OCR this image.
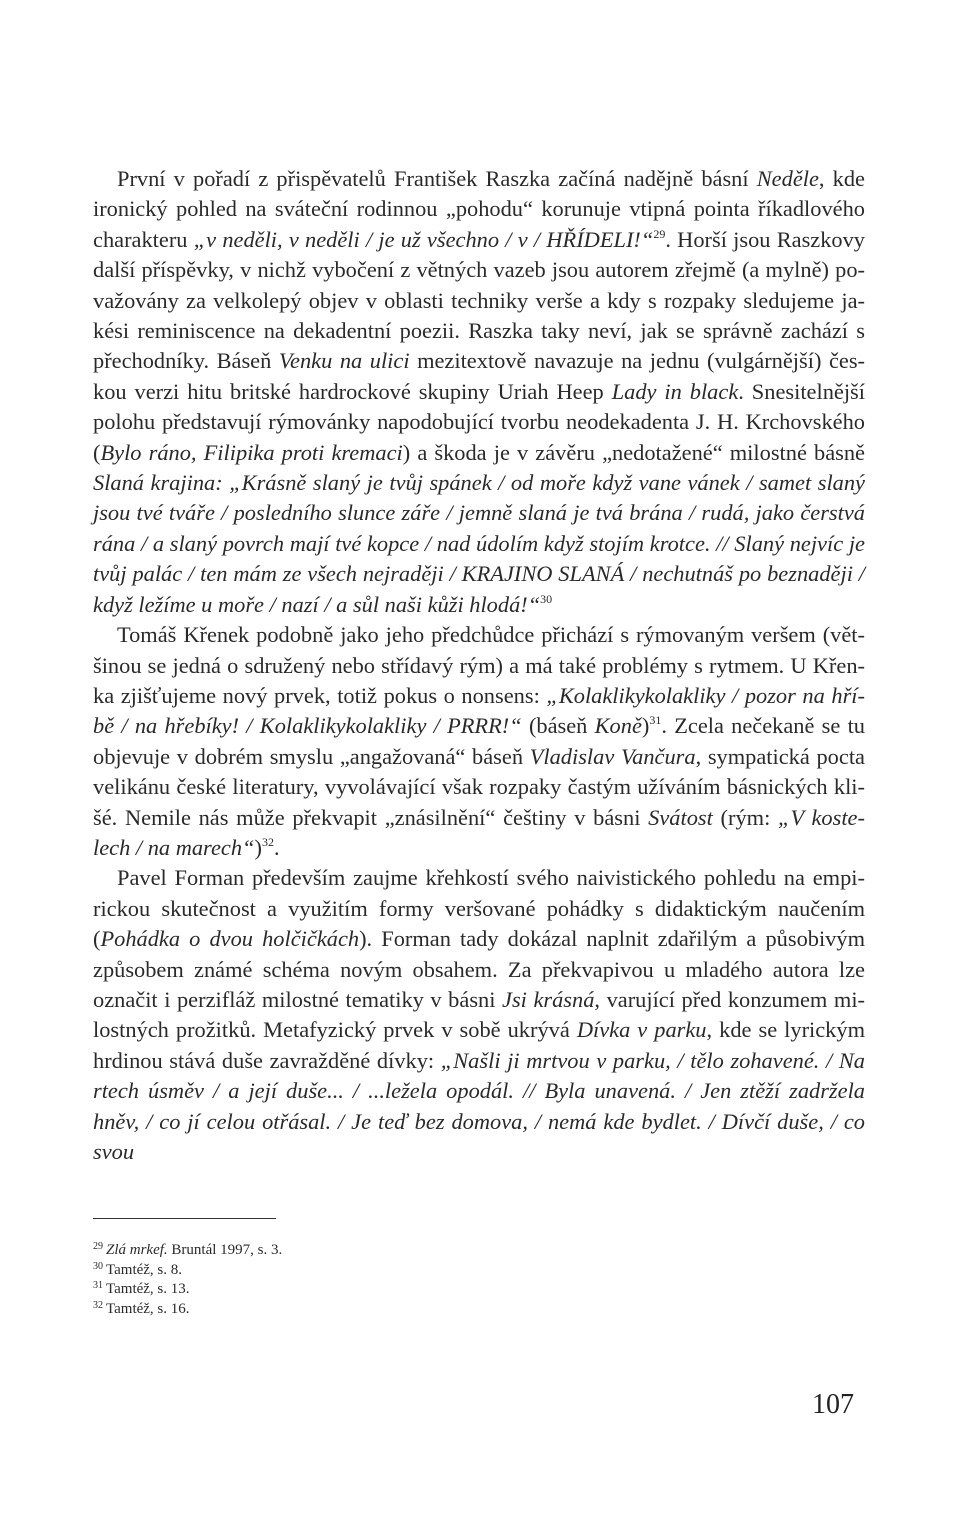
První v pořadí z přispěvatelů František Raszka začíná nadějně básní Neděle, kde ironický pohled na sváteční rodinnou „pohodu“ korunuje vtipná pointa říkadlového charakteru „v neděli, v neděli / je už všechno / v / HŘÍDELI!“$^{29}$. Horší jsou Raszkovy další příspěvky, v nichž vybočení z větných vazeb jsou autorem zřejmě (a mylně) považovány za velkolepý objev v oblasti techniky verše a kdy s rozpaky sledujeme jakési reminiscence na dekadentní poezii. Raszka taky neví, jak se správně zachází s přechodníky. Báseň Venku na ulici mezitextově navazuje na jednu (vulgárnější) českou verzi hitu britské hardrockové skupiny Uriah Heep Lady in black. Snesitelnější polohu představují rýmovánky napodobující tvorbu neodekadenta J. H. Krchovského (Bylo ráno, Filipika proti kremaci) a škoda je v závěru „nedotažené“ milostné básně Slaná krajina: „Krásně slaný je tvůj spánek / od moře když vane vánek / samet slaný jsou tvé tváře / posledního slunce záře / jemně slaná je tvá brána / rudá, jako čerstvá rána / a slaný povrch mají tvé kopce / nad údolím když stojím krotce. // Slaný nejvíc je tvůj palác / ten mám ze všech nejraději / KRAJINO SLANÁ / nechutnáš po beznaději / když ležíme u moře / nazí / a sůl naši kůži hlodá!“$^{30}$

Tomáš Křenek podobně jako jeho předchůdce přichází s rýmovaným veršem (většinou se jedná o sdružený nebo střídavý rým) a má také problémy s rytmem. U Křenka zjišťujeme nový prvek, totiž pokus o nonsens: „Kolaklikykolakliky / pozor na hříbě / na hřebíky! / Kolaklikykolakliky / PRRR!“ (báseň Koně)$^{31}$. Zcela nečekaně se tu objevuje v dobrém smyslu „angažovaná“ báseň Vladislav Vančura, sympatická pocta velikánu české literatury, vyvolávající však rozpaky častým užíváním básnických klišé. Nemile nás může překvapit „znásilnění“ češtiny v básni Svátost (rým: „V kostelech / na marech“)$^{32}$.

Pavel Forman především zaujme křehkostí svého naivistického pohledu na empirickou skutečnost a využitím formy veršované pohádky s didaktickým naučením (Pohádka o dvou holčičkách). Forman tady dokázal naplnit zdařilým a působivým způsobem známé schéma novým obsahem. Za překvapivou u mladého autora lze označit i perzifláž milostné tematiky v básni Jsi krásná, varující před konzumem milostných prožitků. Metafyzický prvek v sobě ukrývá Dívka v parku, kde se lyrickým hrdinou stává duše zavražděné dívky: „Našli ji mrtvou v parku, / tělo zohavené. / Na rtech úsměv / a její duše... / ...ležela opodál. // Byla unavená. / Jen ztěží zadržela hněv, / co jí celou otřásal. / Je teď bez domova, / nemá kde bydlet. / Dívčí duše, / co svou

$^{29}$ Zlá mrkef. Bruntál 1997, s. 3.
$^{30}$ Tamtéž, s. 8.
$^{31}$ Tamtéž, s. 13.
$^{32}$ Tamtéž, s. 16.
107
